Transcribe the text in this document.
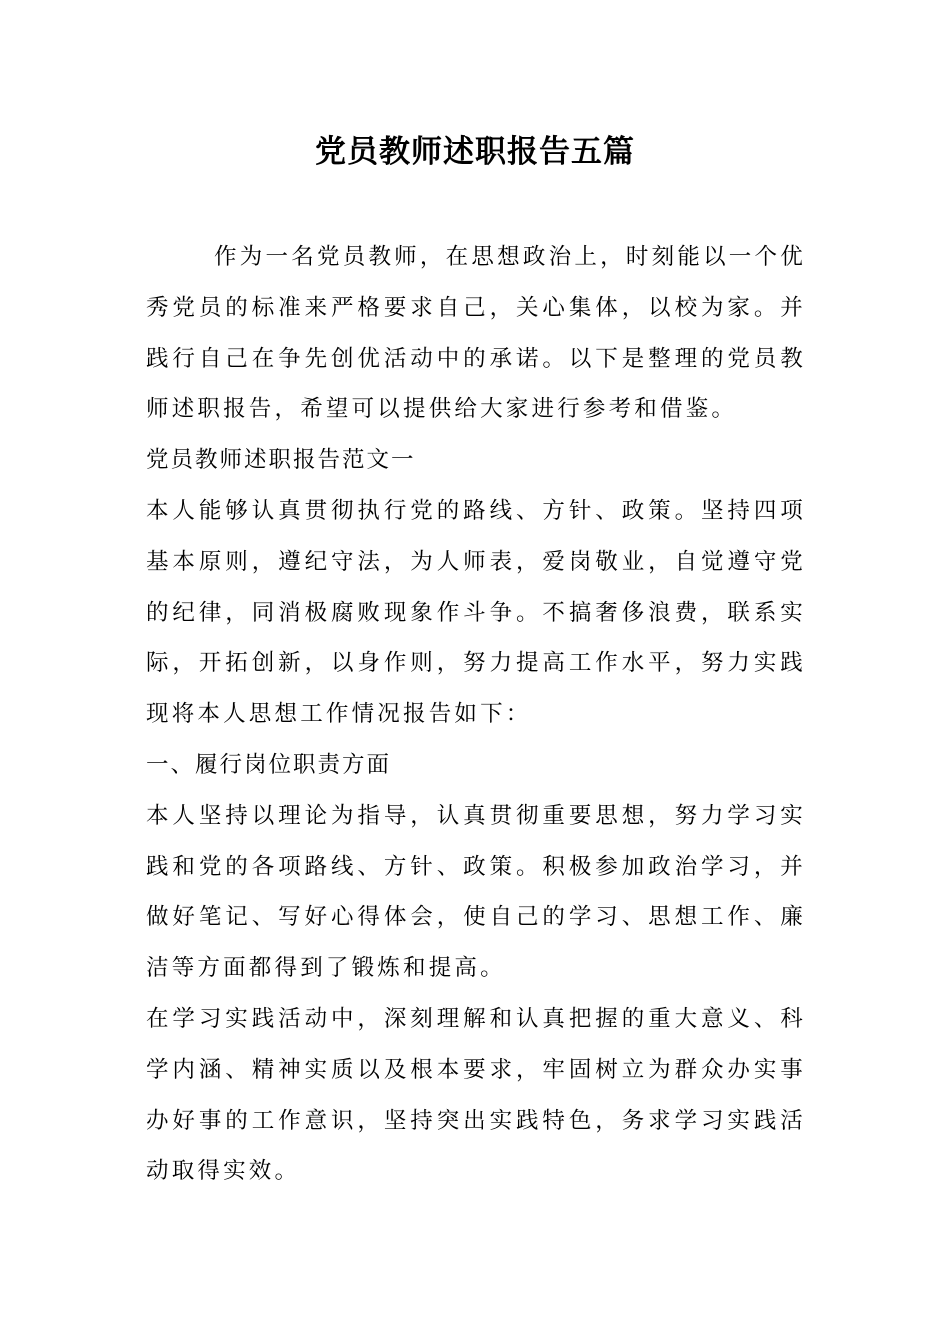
党员教师述职报告五篇

作为一名党员教师，在思想政治上，时刻能以一个优秀党员的标准来严格要求自己，关心集体，以校为家。并践行自己在争先创优活动中的承诺。以下是整理的党员教师述职报告，希望可以提供给大家进行参考和借鉴。

党员教师述职报告范文一

本人能够认真贯彻执行党的路线、方针、政策。坚持四项基本原则，遵纪守法，为人师表，爱岗敬业，自觉遵守党的纪律，同消极腐败现象作斗争。不搞奢侈浪费，联系实际，开拓创新，以身作则，努力提高工作水平，努力实践现将本人思想工作情况报告如下：

一、履行岗位职责方面

本人坚持以理论为指导，认真贯彻重要思想，努力学习实践和党的各项路线、方针、政策。积极参加政治学习，并做好笔记、写好心得体会，使自己的学习、思想工作、廉洁等方面都得到了锻炼和提高。

在学习实践活动中，深刻理解和认真把握的重大意义、科学内涵、精神实质以及根本要求，牢固树立为群众办实事办好事的工作意识，坚持突出实践特色，务求学习实践活动取得实效。
